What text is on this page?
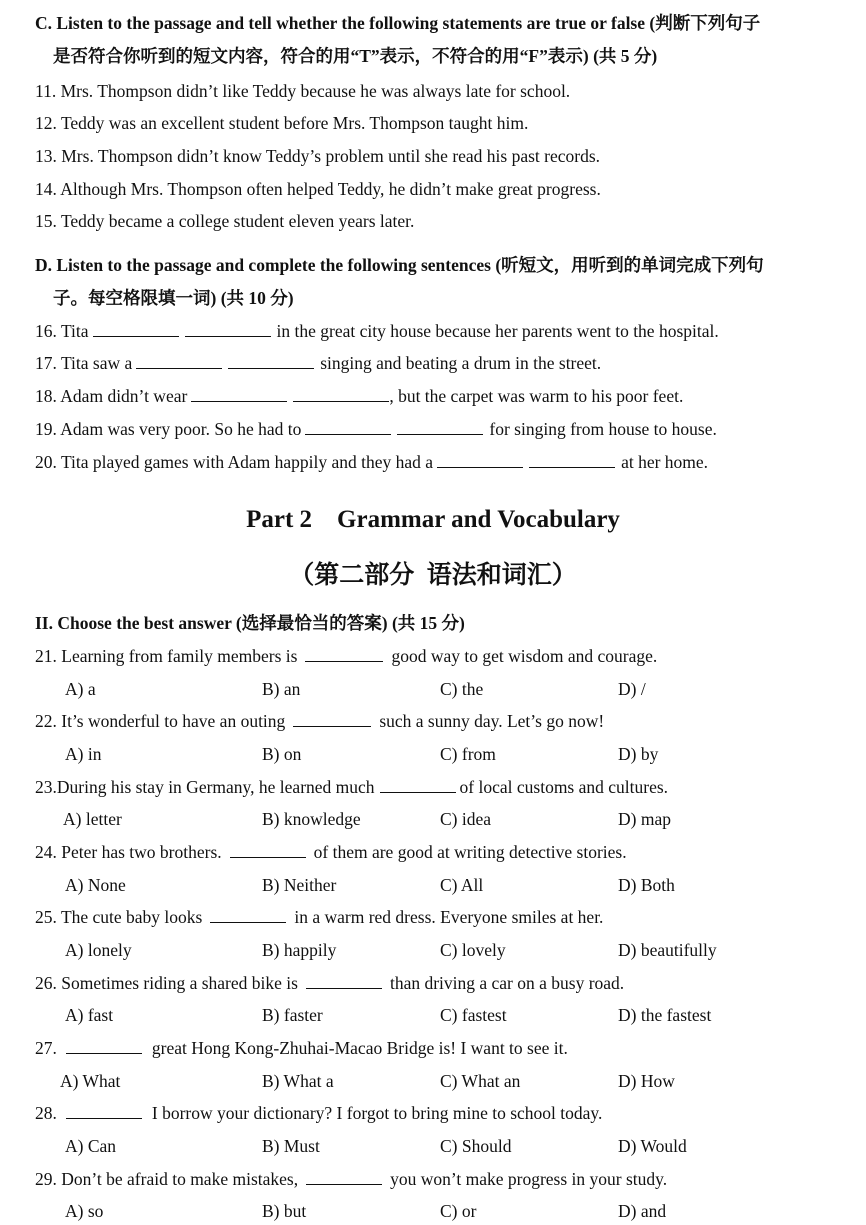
C. Listen to the passage and tell whether the following statements are true or false (判断下列句子
是否符合你听到的短文内容，符合的用“T”表示，不符合的用“F”表示) (共 5 分)
11. Mrs. Thompson didn’t like Teddy because he was always late for school.
12. Teddy was an excellent student before Mrs. Thompson taught him.
13. Mrs. Thompson didn’t know Teddy’s problem until she read his past records.
14. Although Mrs. Thompson often helped Teddy, he didn’t make great progress.
15. Teddy became a college student eleven years later.
D. Listen to the passage and complete the following sentences (听短文，用听到的单词完成下列句
子。每空格限填一词) (共 10 分)
16. Tita	in the great city house because her parents went to the hospital.
17. Tita saw a	singing and beating a drum in the street.
18. Adam didn’t wear	, but the carpet was warm to his poor feet.
19. Adam was very poor. So he had to	for singing from house to house.
20. Tita played games with Adam happily and they had a	at her home.
Part 2    Grammar and Vocabulary
（第二部分  语法和词汇）
II. Choose the best answer (选择最恰当的答案) (共 15 分)
21. Learning from family members is	good way to get wisdom and courage.
A) a	B) an	C) the	D) /
22. It’s wonderful to have an outing	such a sunny day. Let’s go now!
A) in	B) on	C) from	D) by
23.During his stay in Germany, he learned much	of local customs and cultures.
A) letter	B) knowledge	C) idea	D) map
24. Peter has two brothers.	of them are good at writing detective stories.
A) None	B) Neither	C) All	D) Both
25. The cute baby looks	in a warm red dress. Everyone smiles at her.
A) lonely	B) happily	C) lovely	D) beautifully
26. Sometimes riding a shared bike is	than driving a car on a busy road.
A) fast	B) faster	C) fastest	D) the fastest
27.	great Hong Kong-Zhuhai-Macao Bridge is! I want to see it.
A) What	B) What a	C) What an	D) How
28.	I borrow your dictionary? I forgot to bring mine to school today.
A) Can	B) Must	C) Should	D) Would
29. Don’t be afraid to make mistakes,	you won’t make progress in your study.
A) so	B) but	C) or	D) and
